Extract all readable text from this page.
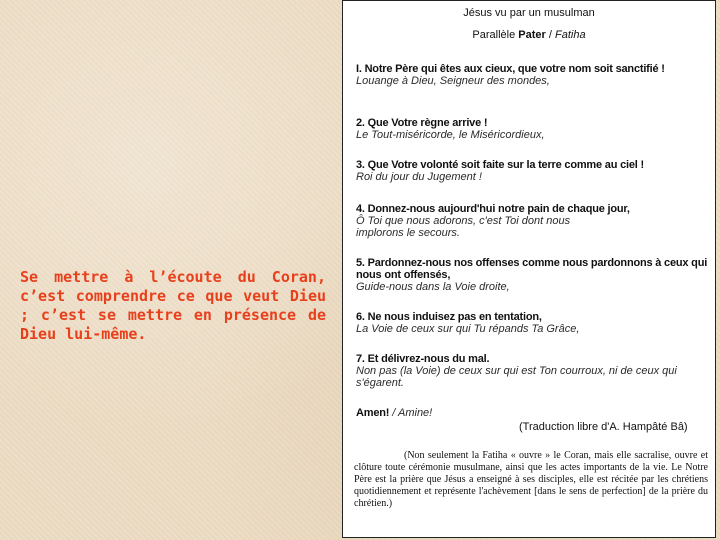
Se mettre à l’écoute du Coran, c’est comprendre ce que veut Dieu ; c’est se mettre en présence de Dieu lui-même.

Jésus vu par un musulman
Parallèle Pater / Fatiha
I. Notre Père qui êtes aux cieux, que votre nom soit sanctifié !
Louange à Dieu, Seigneur des mondes,
2. Que Votre règne arrive !
Le Tout-miséricorde, le Miséricordieux,
3. Que Votre volonté soit faite sur la terre comme au ciel !
Roi du jour du Jugement !
4. Donnez-nous aujourd'hui notre pain de chaque jour,
Ô Toi que nous adorons, c'est Toi dont nous implorons le secours.
5. Pardonnez-nous nos offenses comme nous pardonnons à ceux qui nous ont offensés,
Guide-nous dans la Voie droite,
6. Ne nous induisez pas en tentation,
La Voie de ceux sur qui Tu répands Ta Grâce,
7. Et délivrez-nous du mal.
Non pas (la Voie) de ceux sur qui est Ton courroux, ni de ceux qui s'égarent.
Amen! / Amine!
(Traduction libre d'A. Hampâté Bâ)
(Non seulement la Fatiha « ouvre » le Coran, mais elle sacralise, ouvre et clôture toute cérémonie musulmane, ainsi que les actes importants de la vie. Le Notre Père est la prière que Jésus a enseigné à ses disciples, elle est récitée par les chrétiens quotidiennement et représente l'achèvement [dans le sens de perfection] de la prière du chrétien.)
